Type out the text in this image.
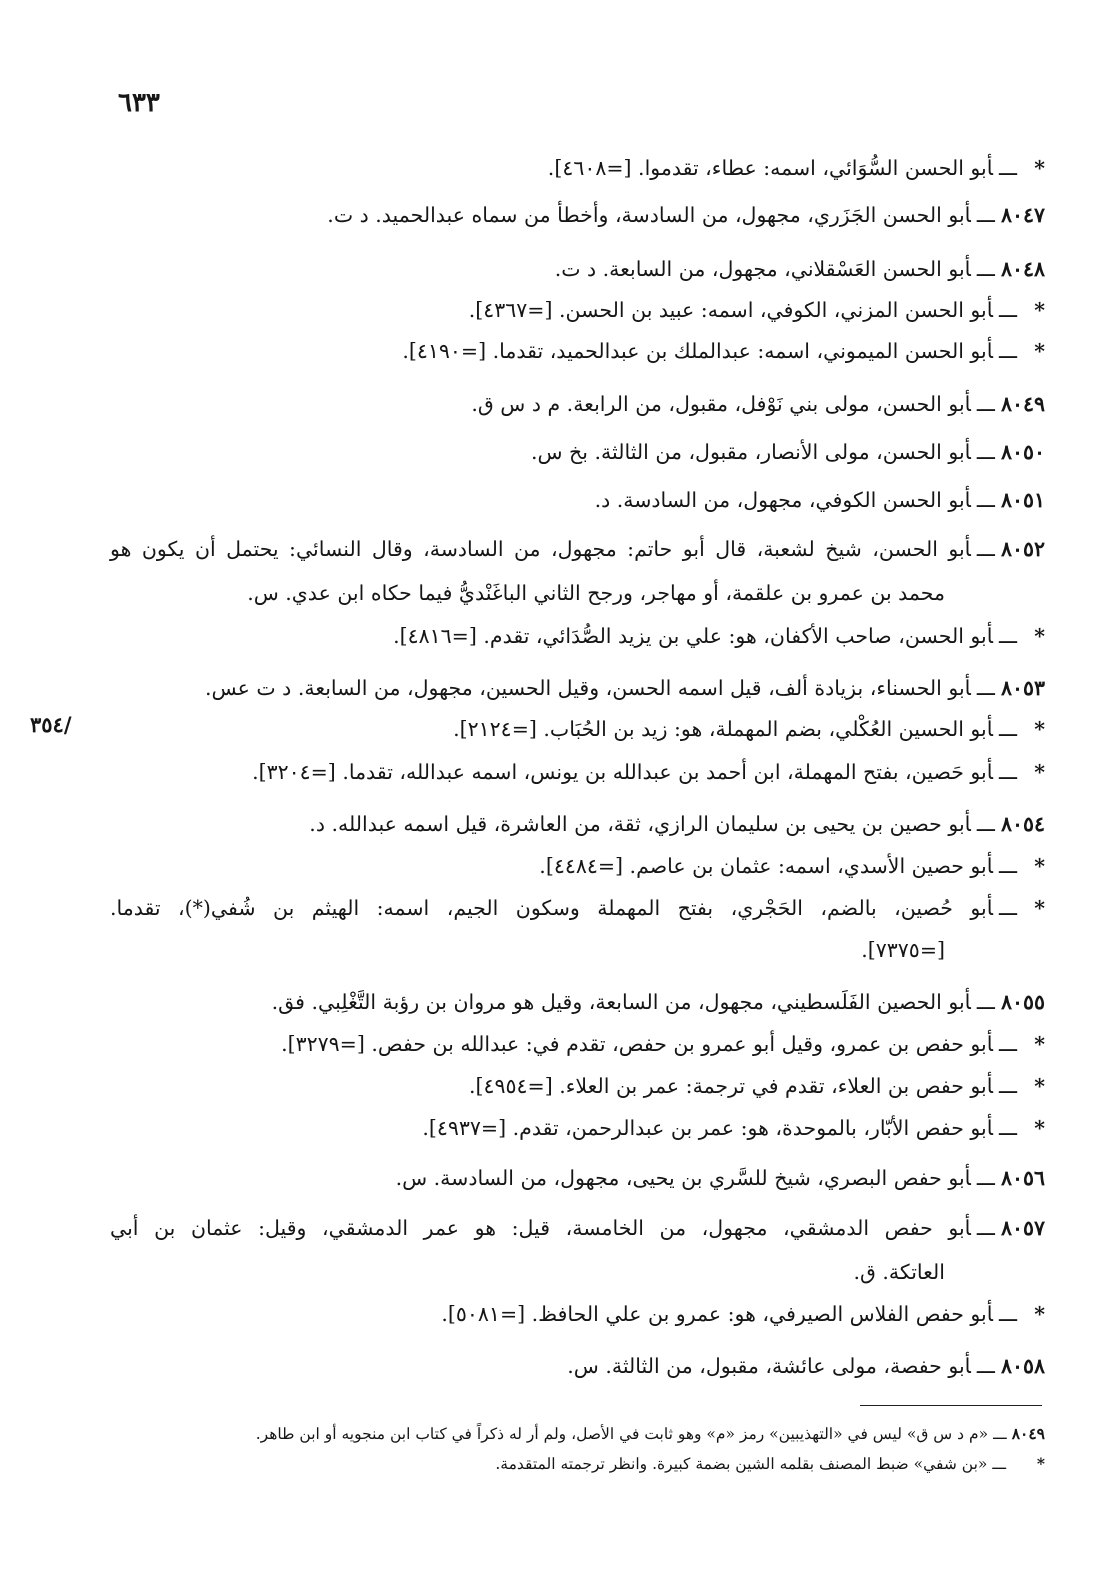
٦٣٣
/٣٥٤
*ـــأبو الحسن السُّوَائي، اسمه: عطاء، تقدموا. [=٤٦٠٨].
٨٠٤٧ـــأبو الحسن الجَزَري، مجهول، من السادسة، وأخطأ من سماه عبدالحميد. د ت.
٨٠٤٨ـــأبو الحسن العَسْقلاني، مجهول، من السابعة. د ت.
*ـــأبو الحسن المزني، الكوفي، اسمه: عبيد بن الحسن. [=٤٣٦٧].
*ـــأبو الحسن الميموني، اسمه: عبدالملك بن عبدالحميد، تقدما. [=٤١٩٠].
٨٠٤٩ـــأبو الحسن، مولى بني نَوْفل، مقبول، من الرابعة. م د س ق.
٨٠٥٠ـــأبو الحسن، مولى الأنصار، مقبول، من الثالثة. بخ س.
٨٠٥١ـــأبو الحسن الكوفي، مجهول، من السادسة. د.
٨٠٥٢ـــأبو الحسن، شيخ لشعبة، قال أبو حاتم: مجهول، من السادسة، وقال النسائي: يحتمل أن يكون هو
محمد بن عمرو بن علقمة، أو مهاجر، ورجح الثاني الباغَنْديُّ فيما حكاه ابن عدي. س.
*ـــأبو الحسن، صاحب الأكفان، هو: علي بن يزيد الصُّدَائي، تقدم. [=٤٨١٦].
٨٠٥٣ـــأبو الحسناء، بزيادة ألف، قيل اسمه الحسن، وقيل الحسين، مجهول، من السابعة. د ت عس.
*ـــأبو الحسين العُكْلي، بضم المهملة، هو: زيد بن الحُبَاب. [=٢١٢٤].
*ـــأبو حَصين، بفتح المهملة، ابن أحمد بن عبدالله بن يونس، اسمه عبدالله، تقدما. [=٣٢٠٤].
٨٠٥٤ـــأبو حصين بن يحيى بن سليمان الرازي، ثقة، من العاشرة، قيل اسمه عبدالله. د.
*ـــأبو حصين الأسدي، اسمه: عثمان بن عاصم. [=٤٤٨٤].
*ـــأبو حُصين، بالضم، الحَجْري، بفتح المهملة وسكون الجيم، اسمه: الهيثم بن شُفي(*)، تقدما.
[=٧٣٧٥].
٨٠٥٥ـــأبو الحصين الفَلَسطيني، مجهول، من السابعة، وقيل هو مروان بن رؤبة التَّغْلِبي. فق.
*ـــأبو حفص بن عمرو، وقيل أبو عمرو بن حفص، تقدم في: عبدالله بن حفص. [=٣٢٧٩].
*ـــأبو حفص بن العلاء، تقدم في ترجمة: عمر بن العلاء. [=٤٩٥٤].
*ـــأبو حفص الأبّار، بالموحدة، هو: عمر بن عبدالرحمن، تقدم. [=٤٩٣٧].
٨٠٥٦ـــأبو حفص البصري، شيخ للسَّري بن يحيى، مجهول، من السادسة. س.
٨٠٥٧ـــأبو حفص الدمشقي، مجهول، من الخامسة، قيل: هو عمر الدمشقي، وقيل: عثمان بن أبي
العاتكة. ق.
*ـــأبو حفص الفلاس الصيرفي، هو: عمرو بن علي الحافظ. [=٥٠٨١].
٨٠٥٨ـــأبو حفصة، مولى عائشة، مقبول، من الثالثة. س.
٨٠٤٩ـــ«م د س ق» ليس في «التهذيبين» رمز «م» وهو ثابت في الأصل، ولم أر له ذكراً في كتاب ابن منجويه أو ابن طاهر.
*ـــ«بن شفي» ضبط المصنف بقلمه الشين بضمة كبيرة. وانظر ترجمته المتقدمة.
